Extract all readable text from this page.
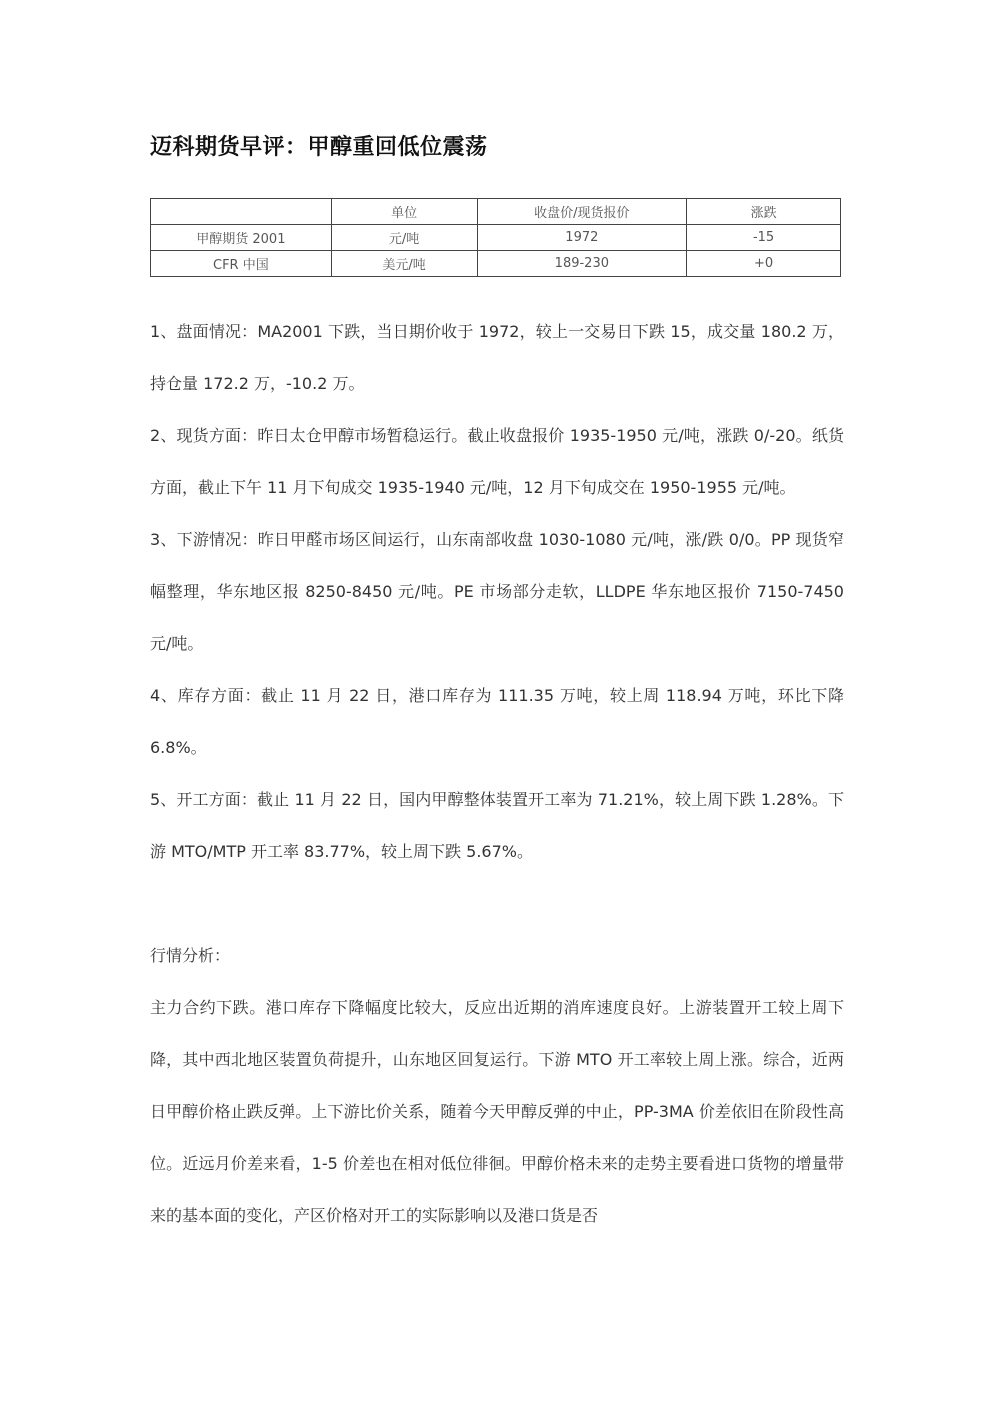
迈科期货早评：甲醇重回低位震荡
	单位	收盘价/现货报价	涨跌
甲醇期货 2001	元/吨	1972	-15
CFR 中国	美元/吨	189-230	+0

1、盘面情况：MA2001 下跌，当日期价收于 1972，较上一交易日下跌 15，成交量 180.2 万，持仓量 172.2 万，-10.2 万。

2、现货方面：昨日太仓甲醇市场暂稳运行。截止收盘报价 1935-1950 元/吨，涨跌 0/-20。纸货方面，截止下午 11 月下旬成交 1935-1940 元/吨，12 月下旬成交在 1950-1955 元/吨。

3、下游情况：昨日甲醛市场区间运行，山东南部收盘 1030-1080 元/吨，涨/跌 0/0。PP 现货窄幅整理，华东地区报 8250-8450 元/吨。PE 市场部分走软，LLDPE 华东地区报价 7150-7450 元/吨。

4、库存方面：截止 11 月 22 日，港口库存为 111.35 万吨，较上周 118.94 万吨，环比下降 6.8%。

5、开工方面：截止 11 月 22 日，国内甲醇整体装置开工率为 71.21%，较上周下跌 1.28%。下游 MTO/MTP 开工率 83.77%，较上周下跌 5.67%。

行情分析：

主力合约下跌。港口库存下降幅度比较大，反应出近期的消库速度良好。上游装置开工较上周下降，其中西北地区装置负荷提升，山东地区回复运行。下游 MTO 开工率较上周上涨。综合，近两日甲醇价格止跌反弹。上下游比价关系，随着今天甲醇反弹的中止，PP-3MA 价差依旧在阶段性高位。近远月价差来看，1-5 价差也在相对低位徘徊。甲醇价格未来的走势主要看进口货物的增量带来的基本面的变化，产区价格对开工的实际影响以及港口货是否
